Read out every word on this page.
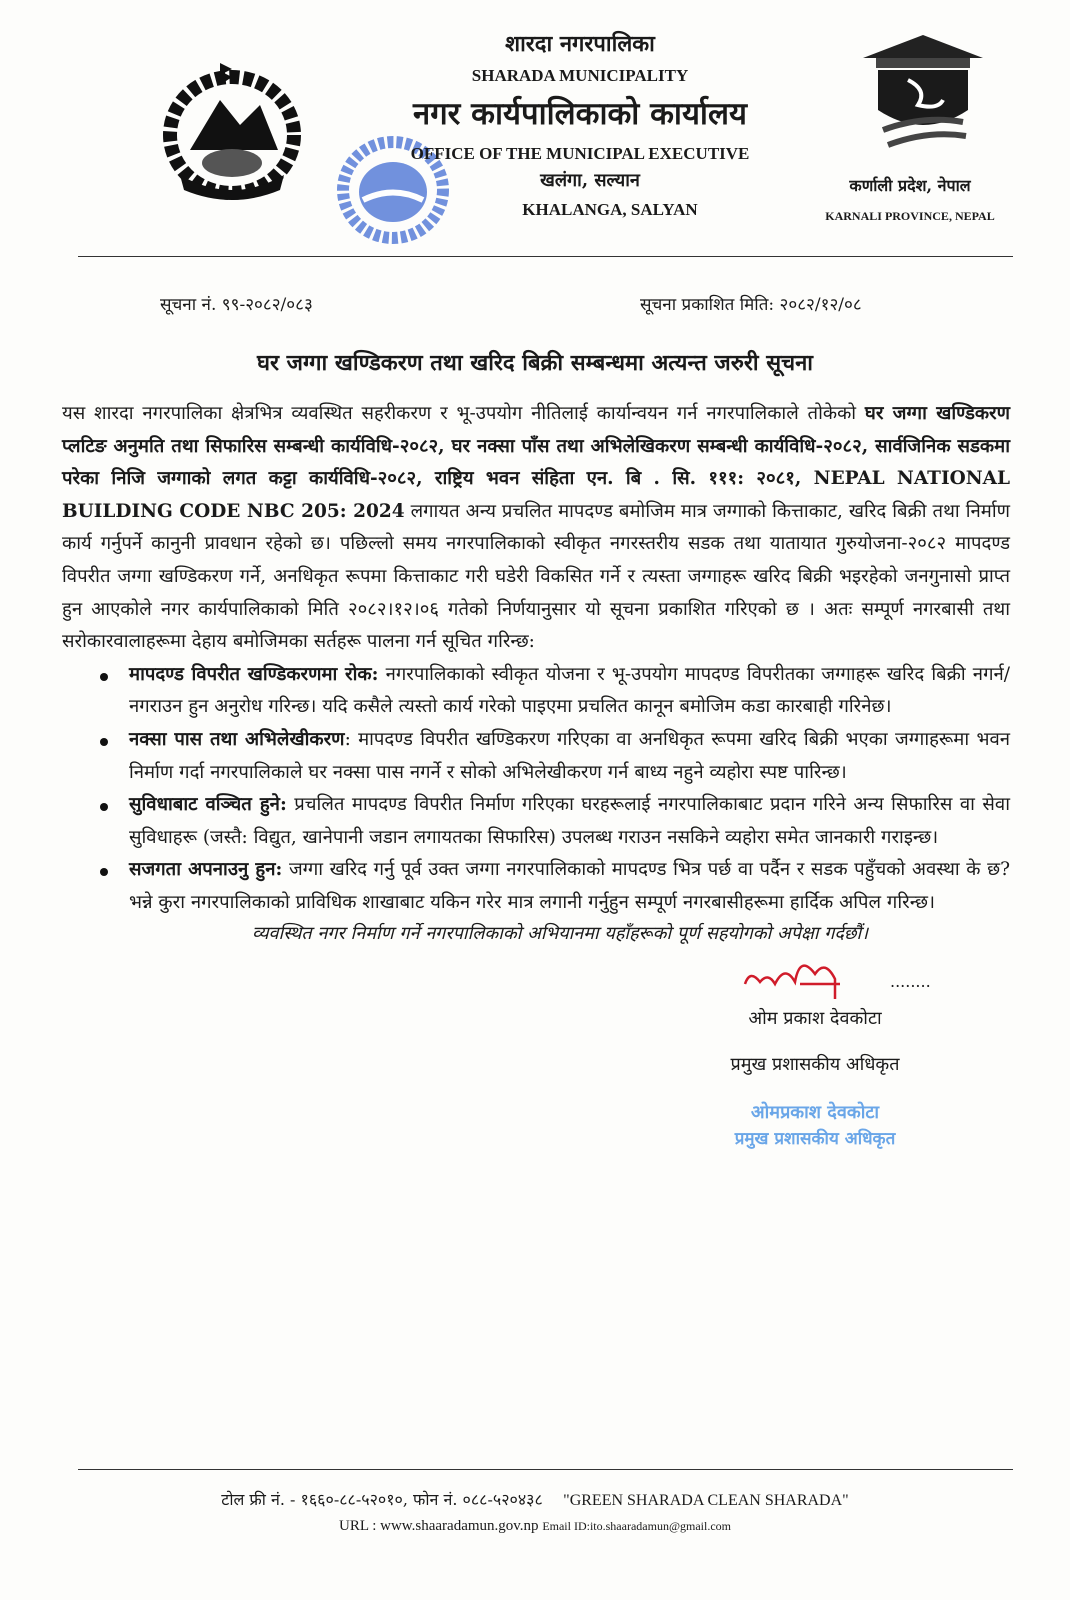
शारदा नगरपालिका
SHARADA MUNICIPALITY
नगर कार्यपालिकाको कार्यालय
OFFICE OF THE MUNICIPAL EXECUTIVE
खलंगा, सल्यान
KHALANGA, SALYAN
कर्णाली प्रदेश, नेपाल
KARNALI PROVINCE, NEPAL
सूचना नं. ९९-२०८२/०८३	सूचना प्रकाशित मिति: २०८२/१२/०८
घर जग्गा खण्डिकरण तथा खरिद बिक्री सम्बन्धमा अत्यन्त जरुरी सूचना
यस शारदा नगरपालिका क्षेत्रभित्र व्यवस्थित सहरीकरण र भू-उपयोग नीतिलाई कार्यान्वयन गर्न नगरपालिकाले तोकेको घर जग्गा खण्डिकरण प्लटिङ अनुमति तथा सिफारिस सम्बन्धी कार्यविधि-२०८२, घर नक्सा पाँस तथा अभिलेखिकरण सम्बन्धी कार्यविधि-२०८२, सार्वजिनिक सडकमा परेका निजि जग्गाको लगत कट्टा कार्यविधि-२०८२, राष्ट्रिय भवन संहिता एन. बि . सि. १११: २०८१, NEPAL NATIONAL BUILDING CODE NBC 205: 2024 लगायत अन्य प्रचलित मापदण्ड बमोजिम मात्र जग्गाको कित्ताकाट, खरिद बिक्री तथा निर्माण कार्य गर्नुपर्ने कानुनी प्रावधान रहेको छ। पछिल्लो समय नगरपालिकाको स्वीकृत नगरस्तरीय सडक तथा यातायात गुरुयोजना-२०८२ मापदण्ड विपरीत जग्गा खण्डिकरण गर्ने, अनधिकृत रूपमा कित्ताकाट गरी घडेरी विकसित गर्ने र त्यस्ता जग्गाहरू खरिद बिक्री भइरहेको जनगुनासो प्राप्त हुन आएकोले नगर कार्यपालिकाको मिति २०८२।१२।०६ गतेको निर्णयानुसार यो सूचना प्रकाशित गरिएको छ । अतः सम्पूर्ण नगरबासी तथा सरोकारवालाहरूमा देहाय बमोजिमका सर्तहरू पालना गर्न सूचित गरिन्छ:
मापदण्ड विपरीत खण्डिकरणमा रोक: नगरपालिकाको स्वीकृत योजना र भू-उपयोग मापदण्ड विपरीतका जग्गाहरू खरिद बिक्री नगर्न/नगराउन हुन अनुरोध गरिन्छ। यदि कसैले त्यस्तो कार्य गरेको पाइएमा प्रचलित कानून बमोजिम कडा कारबाही गरिनेछ।
नक्सा पास तथा अभिलेखीकरण: मापदण्ड विपरीत खण्डिकरण गरिएका वा अनधिकृत रूपमा खरिद बिक्री भएका जग्गाहरूमा भवन निर्माण गर्दा नगरपालिकाले घर नक्सा पास नगर्ने र सोको अभिलेखीकरण गर्न बाध्य नहुने व्यहोरा स्पष्ट पारिन्छ।
सुविधाबाट वञ्चित हुने: प्रचलित मापदण्ड विपरीत निर्माण गरिएका घरहरूलाई नगरपालिकाबाट प्रदान गरिने अन्य सिफारिस वा सेवा सुविधाहरू (जस्तै: विद्युत, खानेपानी जडान लगायतका सिफारिस) उपलब्ध गराउन नसकिने व्यहोरा समेत जानकारी गराइन्छ।
सजगता अपनाउनु हुन: जग्गा खरिद गर्नु पूर्व उक्त जग्गा नगरपालिकाको मापदण्ड भित्र पर्छ वा पर्दैन र सडक पहुँचको अवस्था के छ? भन्ने कुरा नगरपालिकाको प्राविधिक शाखाबाट यकिन गरेर मात्र लगानी गर्नुहुन सम्पूर्ण नगरबासीहरूमा हार्दिक अपिल गरिन्छ।
व्यवस्थित नगर निर्माण गर्ने नगरपालिकाको अभियानमा यहाँहरूको पूर्ण सहयोगको अपेक्षा गर्दछौं।
........
ओम प्रकाश देवकोटा
प्रमुख प्रशासकीय अधिकृत
ओमप्रकाश देवकोटा
प्रमुख प्रशासकीय अधिकृत
टोल फ्री नं. - १६६०-८८-५२०१०, फोन नं. ०८८-५२०४३८ "GREEN SHARADA CLEAN SHARADA"
URL : www.shaaradamun.gov.np Email ID:ito.shaaradamun@gmail.com
